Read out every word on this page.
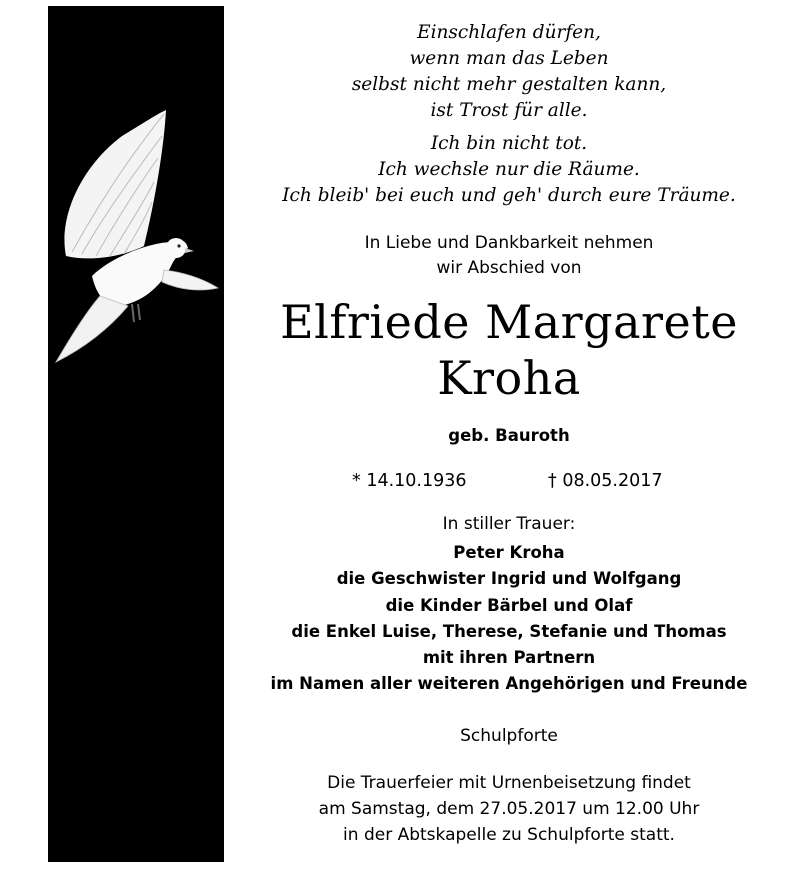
Einschlafen dürfen,
wenn man das Leben
selbst nicht mehr gestalten kann,
ist Trost für alle.
Ich bin nicht tot.
Ich wechsle nur die Räume.
Ich bleib' bei euch und geh' durch eure Träume.
In Liebe und Dankbarkeit nehmen
wir Abschied von
Elfriede Margarete
Kroha
geb. Bauroth
* 14.10.1936	† 08.05.2017
In stiller Trauer:
Peter Kroha
die Geschwister Ingrid und Wolfgang
die Kinder Bärbel und Olaf
die Enkel Luise, Therese, Stefanie und Thomas
mit ihren Partnern
im Namen aller weiteren Angehörigen und Freunde
Schulpforte
Die Trauerfeier mit Urnenbeisetzung findet
am Samstag, dem 27.05.2017 um 12.00 Uhr
in der Abtskapelle zu Schulpforte statt.
